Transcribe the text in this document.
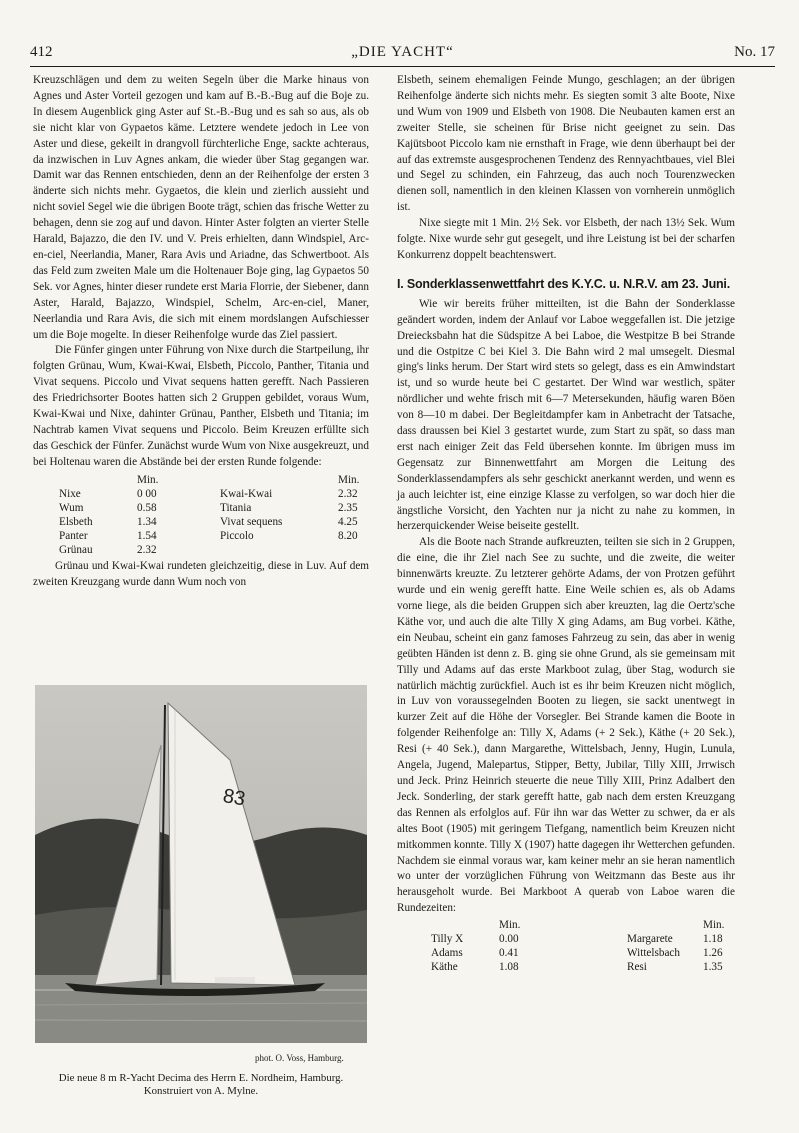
412	„DIE YACHT“	No. 17

Kreuzschlägen und dem zu weiten Segeln über die Marke hinaus von Agnes und Aster Vorteil gezogen und kam auf B.-B.-Bug auf die Boje zu. In diesem Augenblick ging Aster auf St.-B.-Bug und es sah so aus, als ob sie nicht klar von Gypaetos käme. Letztere wendete jedoch in Lee von Aster und diese, gekeilt in drangvoll fürchterliche Enge, sackte achteraus, da inzwischen in Luv Agnes ankam, die wieder über Stag gegangen war. Damit war das Rennen entschieden, denn an der Reihenfolge der ersten 3 änderte sich nichts mehr. Gygaetos, die klein und zierlich aussieht und nicht soviel Segel wie die übrigen Boote trägt, schien das frische Wetter zu behagen, denn sie zog auf und davon. Hinter Aster folgten an vierter Stelle Harald, Bajazzo, die den IV. und V. Preis erhielten, dann Windspiel, Arc-en-ciel, Neerlandia, Maner, Rara Avis und Ariadne, das Schwertboot. Als das Feld zum zweiten Male um die Holtenauer Boje ging, lag Gypaetos 50 Sek. vor Agnes, hinter dieser rundete erst Maria Florrie, der Siebener, dann Aster, Harald, Bajazzo, Windspiel, Schelm, Arc-en-ciel, Maner, Neerlandia und Rara Avis, die sich mit einem mordslangen Aufschiesser um die Boje mogelte. In dieser Reihenfolge wurde das Ziel passiert.

Die Fünfer gingen unter Führung von Nixe durch die Startpeilung, ihr folgten Grünau, Wum, Kwai-Kwai, Elsbeth, Piccolo, Panther, Titania und Vivat sequens. Piccolo und Vivat sequens hatten gerefft. Nach Passieren des Friedrichsorter Bootes hatten sich 2 Gruppen gebildet, voraus Wum, Kwai-Kwai und Nixe, dahinter Grünau, Panther, Elsbeth und Titania; im Nachtrab kamen Vivat sequens und Piccolo. Beim Kreuzen erfüllte sich das Geschick der Fünfer. Zunächst wurde Wum von Nixe ausgekreuzt, und bei Holtenau waren die Abstände bei der ersten Runde folgende:

	Min.		Min.
Nixe	0 00	Kwai-Kwai	2.32
Wum	0.58	Titania	2.35
Elsbeth	1.34	Vivat sequens	4.25
Panter	1.54	Piccolo	8.20
Grünau	2.32		

Grünau und Kwai-Kwai rundeten gleichzeitig, diese in Luv. Auf dem zweiten Kreuzgang wurde dann Wum noch von

83
phot. O. Voss, Hamburg.
Die neue 8 m R-Yacht Decima des Herrn E. Nordheim, Hamburg.
Konstruiert von A. Mylne.

Elsbeth, seinem ehemaligen Feinde Mungo, geschlagen; an der übrigen Reihenfolge änderte sich nichts mehr. Es siegten somit 3 alte Boote, Nixe und Wum von 1909 und Elsbeth von 1908. Die Neubauten kamen erst an zweiter Stelle, sie scheinen für Brise nicht geeignet zu sein. Das Kajütsboot Piccolo kam nie ernsthaft in Frage, wie denn überhaupt bei der auf das extremste ausgesprochenen Tendenz des Rennyachtbaues, viel Blei und Segel zu schinden, ein Fahrzeug, das auch noch Tourenzwecken dienen soll, namentlich in den kleinen Klassen von vornherein unmöglich ist.

Nixe siegte mit 1 Min. 2½ Sek. vor Elsbeth, der nach 13½ Sek. Wum folgte. Nixe wurde sehr gut gesegelt, und ihre Leistung ist bei der scharfen Konkurrenz doppelt beachtenswert.

I. Sonderklassenwettfahrt des K.Y.C. u. N.R.V. am 23. Juni.

Wie wir bereits früher mitteilten, ist die Bahn der Sonderklasse geändert worden, indem der Anlauf vor Laboe weggefallen ist. Die jetzige Dreiecksbahn hat die Südspitze A bei Laboe, die Westpitze B bei Strande und die Ostpitze C bei Kiel 3. Die Bahn wird 2 mal umsegelt. Diesmal ging's links herum. Der Start wird stets so gelegt, dass es ein Amwindstart ist, und so wurde heute bei C gestartet. Der Wind war westlich, später nördlicher und wehte frisch mit 6—7 Metersekunden, häufig waren Böen von 8—10 m dabei. Der Begleitdampfer kam in Anbetracht der Tatsache, dass draussen bei Kiel 3 gestartet wurde, zum Start zu spät, so dass man erst nach einiger Zeit das Feld übersehen konnte. Im übrigen muss im Gegensatz zur Binnenwettfahrt am Morgen die Leitung des Sonderklassendampfers als sehr geschickt anerkannt werden, und wenn es ja auch leichter ist, eine einzige Klasse zu verfolgen, so war doch hier die ängstliche Vorsicht, den Yachten nur ja nicht zu nahe zu kommen, in herzerquickender Weise beiseite gestellt.

Als die Boote nach Strande aufkreuzten, teilten sie sich in 2 Gruppen, die eine, die ihr Ziel nach See zu suchte, und die zweite, die weiter binnenwärts kreuzte. Zu letzterer gehörte Adams, der von Protzen geführt wurde und ein wenig gerefft hatte. Eine Weile schien es, als ob Adams vorne liege, als die beiden Gruppen sich aber kreuzten, lag die Oertz'sche Käthe vor, und auch die alte Tilly X ging Adams, am Bug vorbei. Käthe, ein Neubau, scheint ein ganz famoses Fahrzeug zu sein, das aber in wenig geübten Händen ist denn z. B. ging sie ohne Grund, als sie gemeinsam mit Tilly und Adams auf das erste Markboot zulag, über Stag, wodurch sie natürlich mächtig zurückfiel. Auch ist es ihr beim Kreuzen nicht möglich, in Luv von voraussegelnden Booten zu liegen, sie sackt unentwegt in kurzer Zeit auf die Höhe der Vorsegler. Bei Strande kamen die Boote in folgender Reihenfolge an: Tilly X, Adams (+ 2 Sek.), Käthe (+ 20 Sek.), Resi (+ 40 Sek.), dann Margarethe, Wittelsbach, Jenny, Hugin, Lunula, Angela, Jugend, Malepartus, Stipper, Betty, Jubilar, Tilly XIII, Jrrwisch und Jeck. Prinz Heinrich steuerte die neue Tilly XIII, Prinz Adalbert den Jeck. Sonderling, der stark gerefft hatte, gab nach dem ersten Kreuzgang das Rennen als erfolglos auf. Für ihn war das Wetter zu schwer, da er als altes Boot (1905) mit geringem Tiefgang, namentlich beim Kreuzen nicht mitkommen konnte. Tilly X (1907) hatte dagegen ihr Wetterchen gefunden. Nachdem sie einmal voraus war, kam keiner mehr an sie heran namentlich wo unter der vorzüglichen Führung von Weitzmann das Beste aus ihr herausgeholt wurde. Bei Markboot A querab von Laboe waren die Rundezeiten:

	Min.		Min.
Tilly X	0.00	Margarete	1.18
Adams	0.41	Wittelsbach	1.26
Käthe	1.08	Resi	1.35
